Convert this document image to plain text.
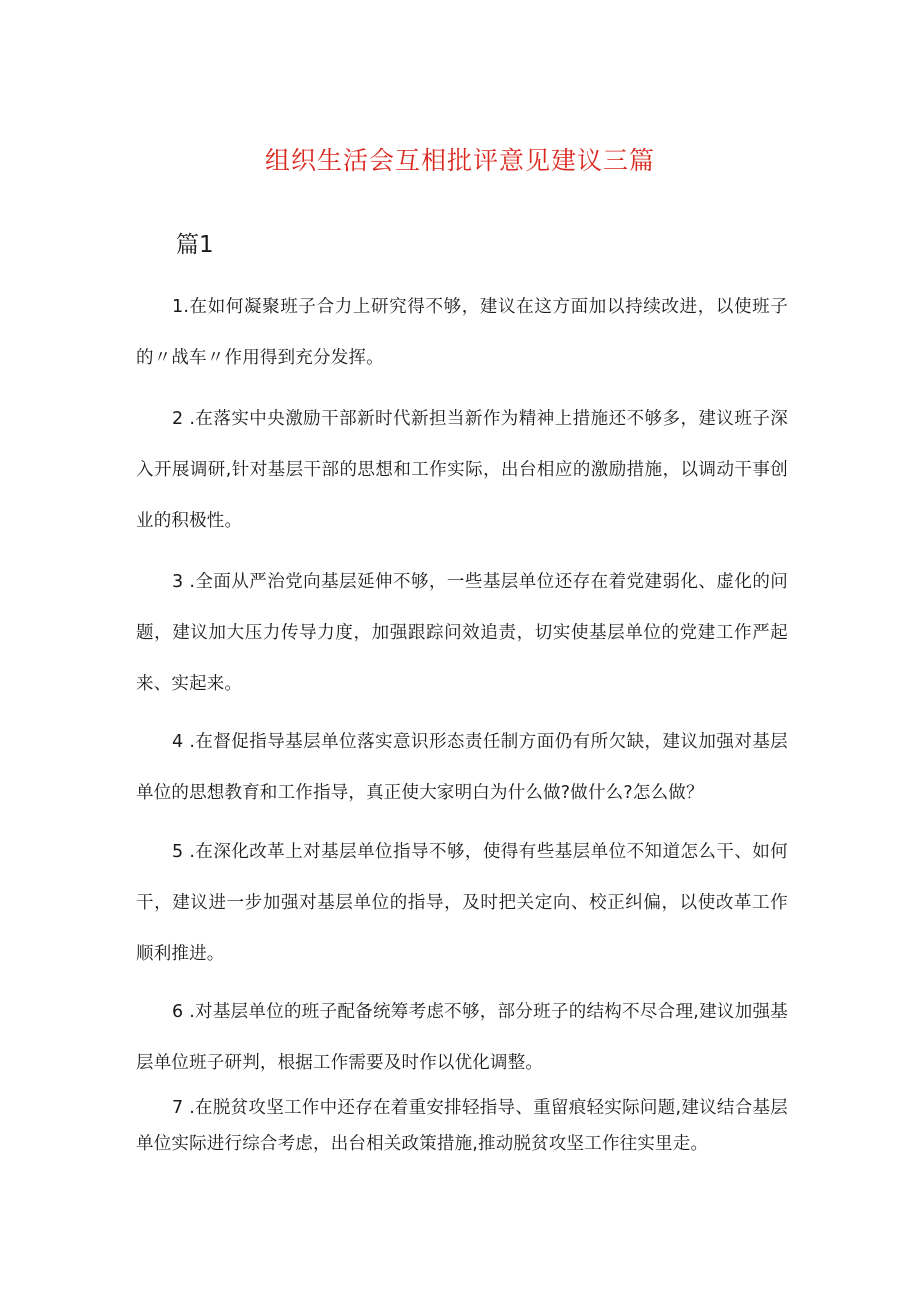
组织生活会互相批评意见建议三篇
篇1

1.在如何凝聚班子合力上研究得不够，建议在这方面加以持续改进，以使班子的〃战车〃作用得到充分发挥。

2 .在落实中央激励干部新时代新担当新作为精神上措施还不够多，建议班子深入开展调研,针对基层干部的思想和工作实际，出台相应的激励措施，以调动干事创业的积极性。

3 .全面从严治党向基层延伸不够，一些基层单位还存在着党建弱化、虚化的问题，建议加大压力传导力度，加强跟踪问效追责，切实使基层单位的党建工作严起来、实起来。

4 .在督促指导基层单位落实意识形态责任制方面仍有所欠缺，建议加强对基层单位的思想教育和工作指导，真正使大家明白为什么做?做什么?怎么做？

5 .在深化改革上对基层单位指导不够，使得有些基层单位不知道怎么干、如何干，建议进一步加强对基层单位的指导，及时把关定向、校正纠偏，以使改革工作顺利推进。

6 .对基层单位的班子配备统筹考虑不够，部分班子的结构不尽合理,建议加强基层单位班子研判，根据工作需要及时作以优化调整。

7 .在脱贫攻坚工作中还存在着重安排轻指导、重留痕轻实际问题,建议结合基层单位实际进行综合考虑，出台相关政策措施,推动脱贫攻坚工作往实里走。
